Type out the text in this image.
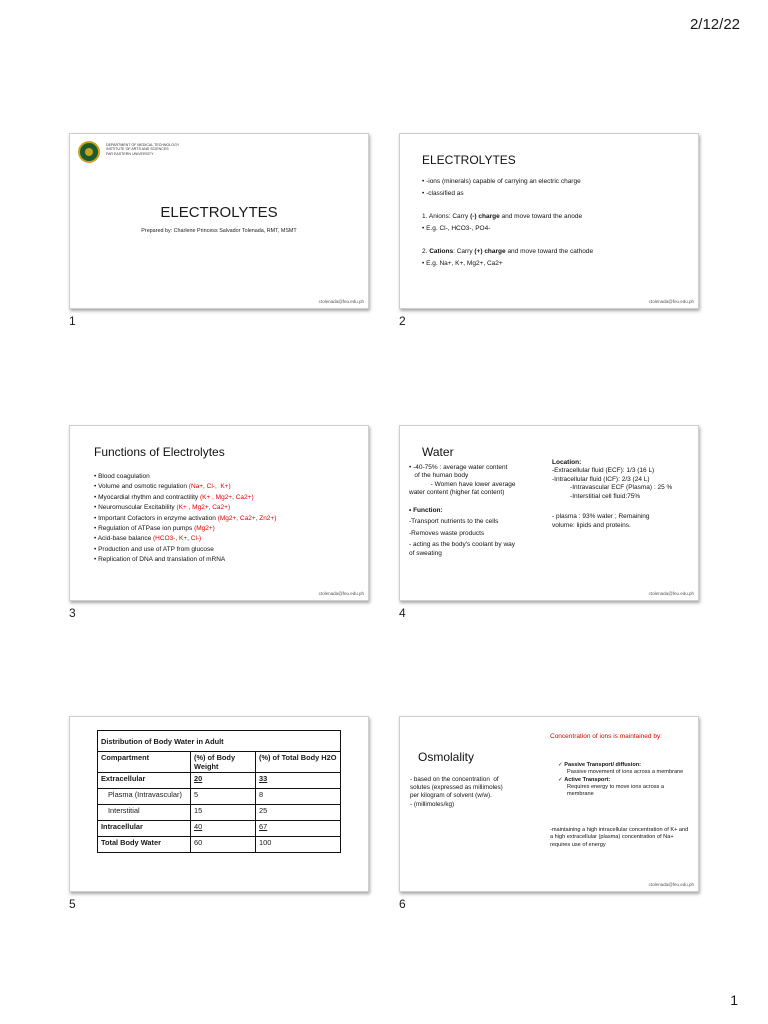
2/12/22
DEPARTMENT OF MEDICAL TECHNOLOGY
INSTITUTE OF ARTS AND SCIENCES
FAR EASTERN UNIVERSITY
ELECTROLYTES
Prepared by: Charlene Princess Salvador Tolenada, RMT, MSMT
ctolenada@feu.edu.ph
1
ELECTROLYTES
• -ions (minerals) capable of carrying an electric charge
• -classified as
1. Anions: Carry (-) charge and move toward the anode
• E.g. Cl-, HCO3-, PO4-
2. Cations: Carry (+) charge and move toward the cathode
• E.g. Na+, K+, Mg2+, Ca2+
ctolenada@feu.edu.ph
2
Functions of Electrolytes
• Blood coagulation
• Volume and osmotic regulation (Na+, Cl-,  K+)
• Myocardial rhythm and contractility (K+ , Mg2+, Ca2+)
• Neuromuscular Excitability (K+ , Mg2+, Ca2+)
• Important Cofactors in enzyme activation (Mg2+, Ca2+, Zn2+)
• Regulation of ATPase ion pumps (Mg2+)
• Acid-base balance (HCO3-, K+, Cl-)
• Production and use of ATP from glucose
• Replication of DNA and translation of mRNA
ctolenada@feu.edu.ph
3
Water
• -40-75% : average water content
of the human body
- Women have lower average
water content (higher fat content)
• Function:
-Transport nutrients to the cells
-Removes waste products
- acting as the body's coolant by way
of sweating
Location:
-Extracellular fluid (ECF): 1/3 (16 L)
-Intracellular fluid (ICF): 2/3 (24 L)
-Intravascular ECF (Plasma) : 25 %
-Interstitial cell fluid:75%
- plasma : 93% water ; Remaining
volume: lipids and proteins.
ctolenada@feu.edu.ph
4
Distribution of Body Water in Adult		
Compartment	(%) of Body Weight	(%) of Total Body H2O
Extracellular	20	33
Plasma (Intravascular)	5	8
Interstitial	15	25
Intracellular	40	67
Total Body Water	60	100
5
Osmolality
- based on the concentration  of
solutes (expressed as millimoles)
per kilogram of solvent (w/w).
- (millimoles/kg)
Concentration of ions is maintained by:
✓ Passive Transport/ diffusion:
Passive movement of ions across a membrane
✓ Active Transport:
Requires energy to move ions across a membrane
-maintaining a high intracellular concentration of K+ and a high extracellular (plasma) concentration of Na+ requires use of energy
ctolenada@feu.edu.ph
6
1
